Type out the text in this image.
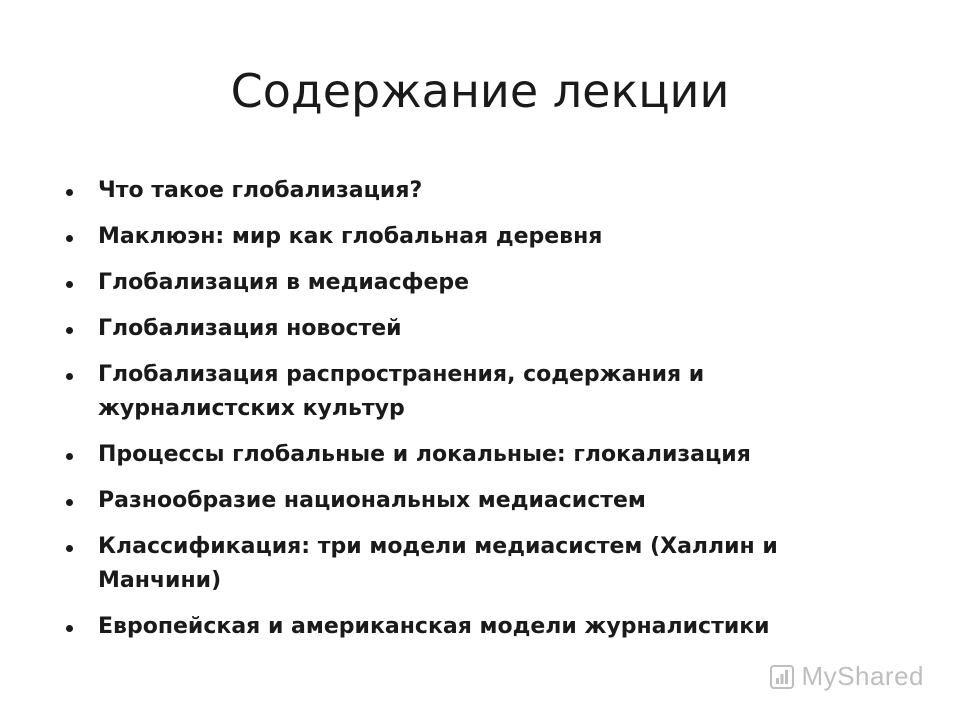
Содержание лекции
Что такое глобализация?
Маклюэн: мир как глобальная деревня
Глобализация в медиасфере
Глобализация новостей
Глобализация распространения, содержания и журналистских культур
Процессы глобальные и локальные: глокализация
Разнообразие национальных медиасистем
Классификация: три модели медиасистем (Халлин и Манчини)
Европейская и американская модели журналистики
MyShared
